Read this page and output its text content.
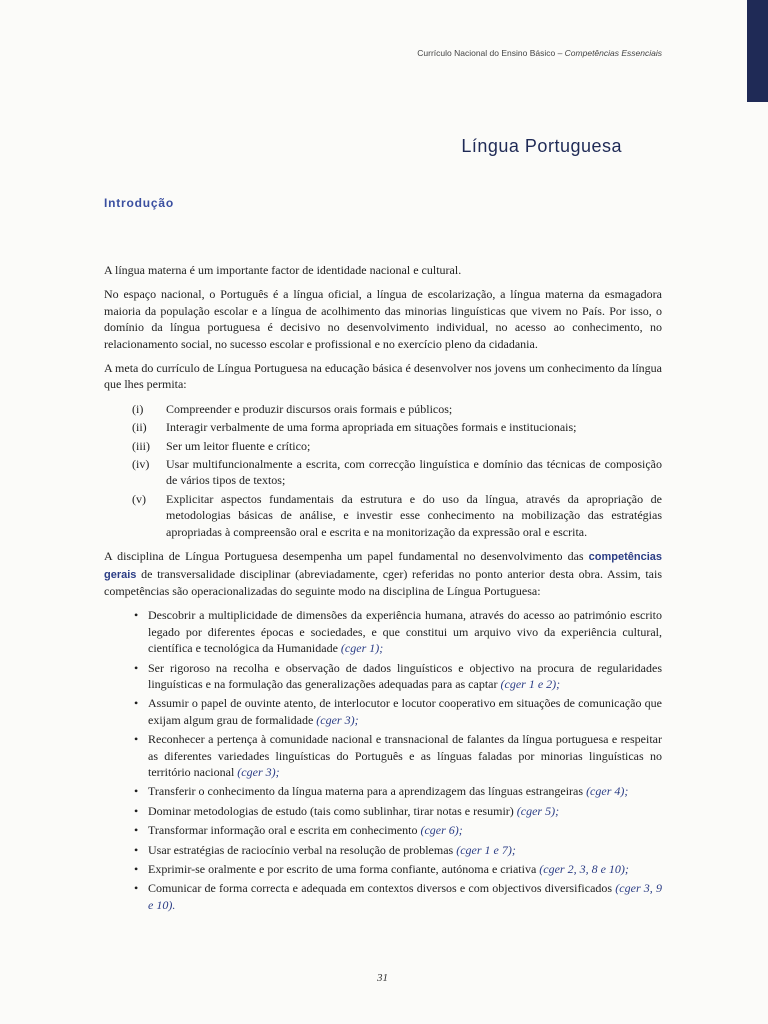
Currículo Nacional do Ensino Básico – Competências Essenciais
Língua Portuguesa
Introdução

A língua materna é um importante factor de identidade nacional e cultural.

No espaço nacional, o Português é a língua oficial, a língua de escolarização, a língua materna da esmagadora maioria da população escolar e a língua de acolhimento das minorias linguísticas que vivem no País. Por isso, o domínio da língua portuguesa é decisivo no desenvolvimento individual, no acesso ao conhecimento, no relacionamento social, no sucesso escolar e profissional e no exercício pleno da cidadania.

A meta do currículo de Língua Portuguesa na educação básica é desenvolver nos jovens um conhecimento da língua que lhes permita:

(i)	Compreender e produzir discursos orais formais e públicos;
(ii)	Interagir verbalmente de uma forma apropriada em situações formais e institucionais;
(iii)	Ser um leitor fluente e crítico;
(iv)	Usar multifuncionalmente a escrita, com correcção linguística e domínio das técnicas de composição de vários tipos de textos;
(v)	Explicitar aspectos fundamentais da estrutura e do uso da língua, através da apropriação de metodologias básicas de análise, e investir esse conhecimento na mobilização das estratégias apropriadas à compreensão oral e escrita e na monitorização da expressão oral e escrita.

A disciplina de Língua Portuguesa desempenha um papel fundamental no desenvolvimento das competências gerais de transversalidade disciplinar (abreviadamente, cger) referidas no ponto anterior desta obra. Assim, tais competências são operacionalizadas do seguinte modo na disciplina de Língua Portuguesa:

• Descobrir a multiplicidade de dimensões da experiência humana, através do acesso ao património escrito legado por diferentes épocas e sociedades, e que constitui um arquivo vivo da experiência cultural, científica e tecnológica da Humanidade (cger 1);
• Ser rigoroso na recolha e observação de dados linguísticos e objectivo na procura de regularidades linguísticas e na formulação das generalizações adequadas para as captar (cger 1 e 2);
• Assumir o papel de ouvinte atento, de interlocutor e locutor cooperativo em situações de comunicação que exijam algum grau de formalidade (cger 3);
• Reconhecer a pertença à comunidade nacional e transnacional de falantes da língua portuguesa e respeitar as diferentes variedades linguísticas do Português e as línguas faladas por minorias linguísticas no território nacional (cger 3);
• Transferir o conhecimento da língua materna para a aprendizagem das línguas estrangeiras (cger 4);
• Dominar metodologias de estudo (tais como sublinhar, tirar notas e resumir) (cger 5);
• Transformar informação oral e escrita em conhecimento (cger 6);
• Usar estratégias de raciocínio verbal na resolução de problemas (cger 1 e 7);
• Exprimir-se oralmente e por escrito de uma forma confiante, autónoma e criativa (cger 2, 3, 8 e 10);
• Comunicar de forma correcta e adequada em contextos diversos e com objectivos diversificados (cger 3, 9 e 10).
31
